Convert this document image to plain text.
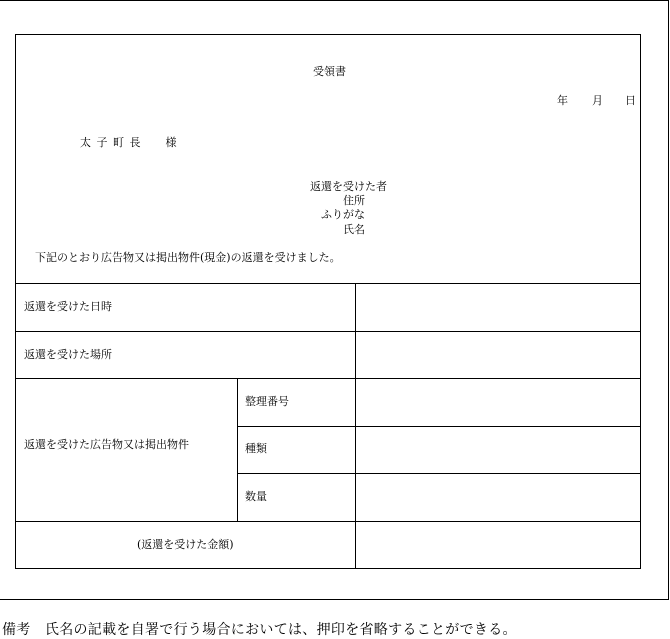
受領書
年 月 日
太 子 町 長　　様
返還を受けた者
住所
ふりがな
氏名
下記のとおり広告物又は掲出物件(現金)の返還を受けました。
返還を受けた日時
返還を受けた場所
返還を受けた広告物又は掲出物件
整理番号
種類
数量
(返還を受けた金額)
備考　氏名の記載を自署で行う場合においては、押印を省略することができる。
